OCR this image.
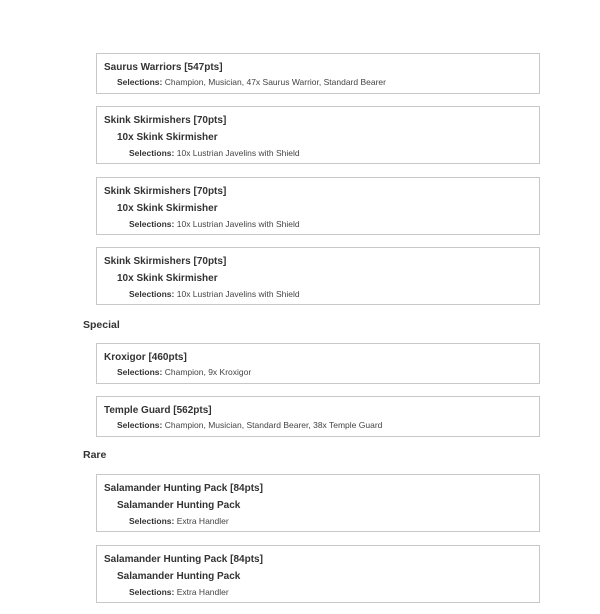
Saurus Warriors [547pts]
Selections: Champion, Musician, 47x Saurus Warrior, Standard Bearer
Skink Skirmishers [70pts]
10x Skink Skirmisher
Selections: 10x Lustrian Javelins with Shield
Skink Skirmishers [70pts]
10x Skink Skirmisher
Selections: 10x Lustrian Javelins with Shield
Skink Skirmishers [70pts]
10x Skink Skirmisher
Selections: 10x Lustrian Javelins with Shield
Special
Kroxigor [460pts]
Selections: Champion, 9x Kroxigor
Temple Guard [562pts]
Selections: Champion, Musician, Standard Bearer, 38x Temple Guard
Rare
Salamander Hunting Pack [84pts]
Salamander Hunting Pack
Selections: Extra Handler
Salamander Hunting Pack [84pts]
Salamander Hunting Pack
Selections: Extra Handler
